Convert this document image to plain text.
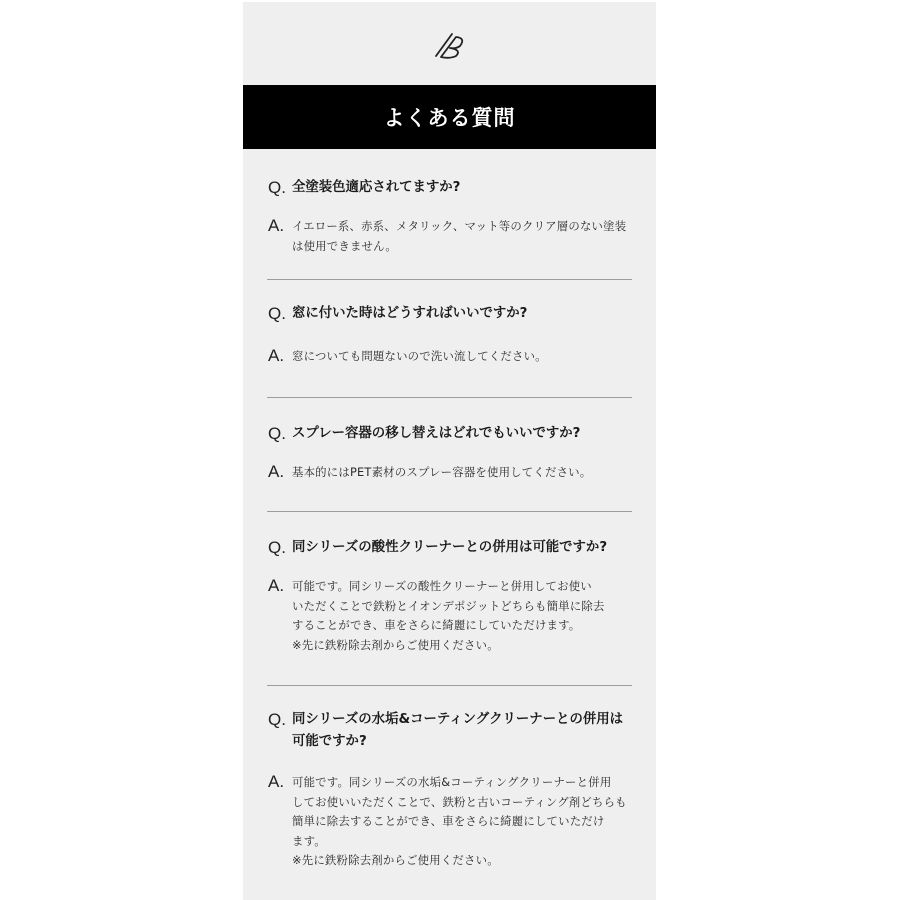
よくある質問
Q. 全塗装色適応されてますか?
A. イエロー系、赤系、メタリック、マット等のクリア層のない塗装
は使用できません。
Q. 窓に付いた時はどうすればいいですか?
A. 窓についても問題ないので洗い流してください。
Q. スプレー容器の移し替えはどれでもいいですか?
A. 基本的にはPET素材のスプレー容器を使用してください。
Q. 同シリーズの酸性クリーナーとの併用は可能ですか?
A. 可能です。同シリーズの酸性クリーナーと併用してお使い
いただくことで鉄粉とイオンデポジットどちらも簡単に除去
することができ、車をさらに綺麗にしていただけます。
※先に鉄粉除去剤からご使用ください。
Q. 同シリーズの水垢&コーティングクリーナーとの併用は
可能ですか?
A. 可能です。同シリーズの水垢&コーティングクリーナーと併用
してお使いいただくことで、鉄粉と古いコーティング剤どちらも
簡単に除去することができ、車をさらに綺麗にしていただけ
ます。
※先に鉄粉除去剤からご使用ください。
